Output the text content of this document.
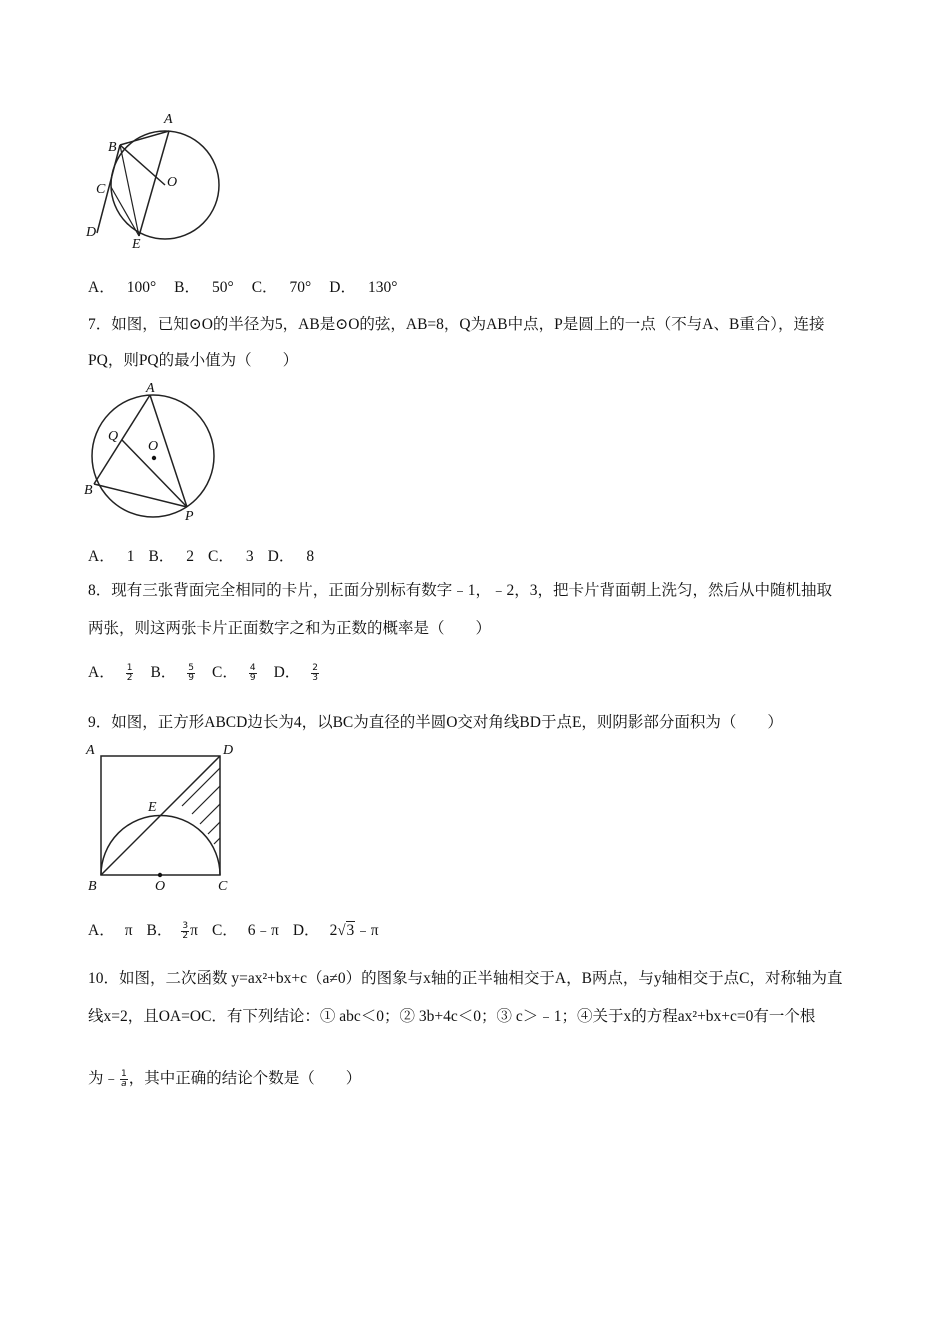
A
B
C	O
D
E
A． 100° B． 50° C． 70° D． 130°
7．如图，已知⊙O的半径为5，AB是⊙O的弦，AB=8，Q为AB中点，P是圆上的一点（不与A、B重合），连接
PQ，则PQ的最小值为（　　）
A
Q
O
B
P
A． 1 B． 2 C． 3 D． 8
8．现有三张背面完全相同的卡片，正面分别标有数字﹣1，﹣2，3，把卡片背面朝上洗匀，然后从中随机抽取
两张，则这两张卡片正面数字之和为正数的概率是（　　）
A． $\frac{1}{2}$ B． $\frac{5}{9}$ C． $\frac{4}{9}$ D． $\frac{2}{3}$
9．如图，正方形ABCD边长为4，以BC为直径的半圆O交对角线BD于点E，则阴影部分面积为（　　）
A	D
E
B	O	C
A． π B． $\frac{3}{2}$ π C． 6﹣π D． 2√3﹣π
10．如图，二次函数 y=ax²+bx+c（a≠0）的图象与x轴的正半轴相交于A，B两点，与y轴相交于点C，对称轴为直
线x=2，且OA=OC．有下列结论：① abc＜0；② 3b+4c＜0；③ c＞﹣1；④关于x的方程ax²+bx+c=0有一个根
为﹣ $\frac{1}{a}$ ，其中正确的结论个数是（　　）
